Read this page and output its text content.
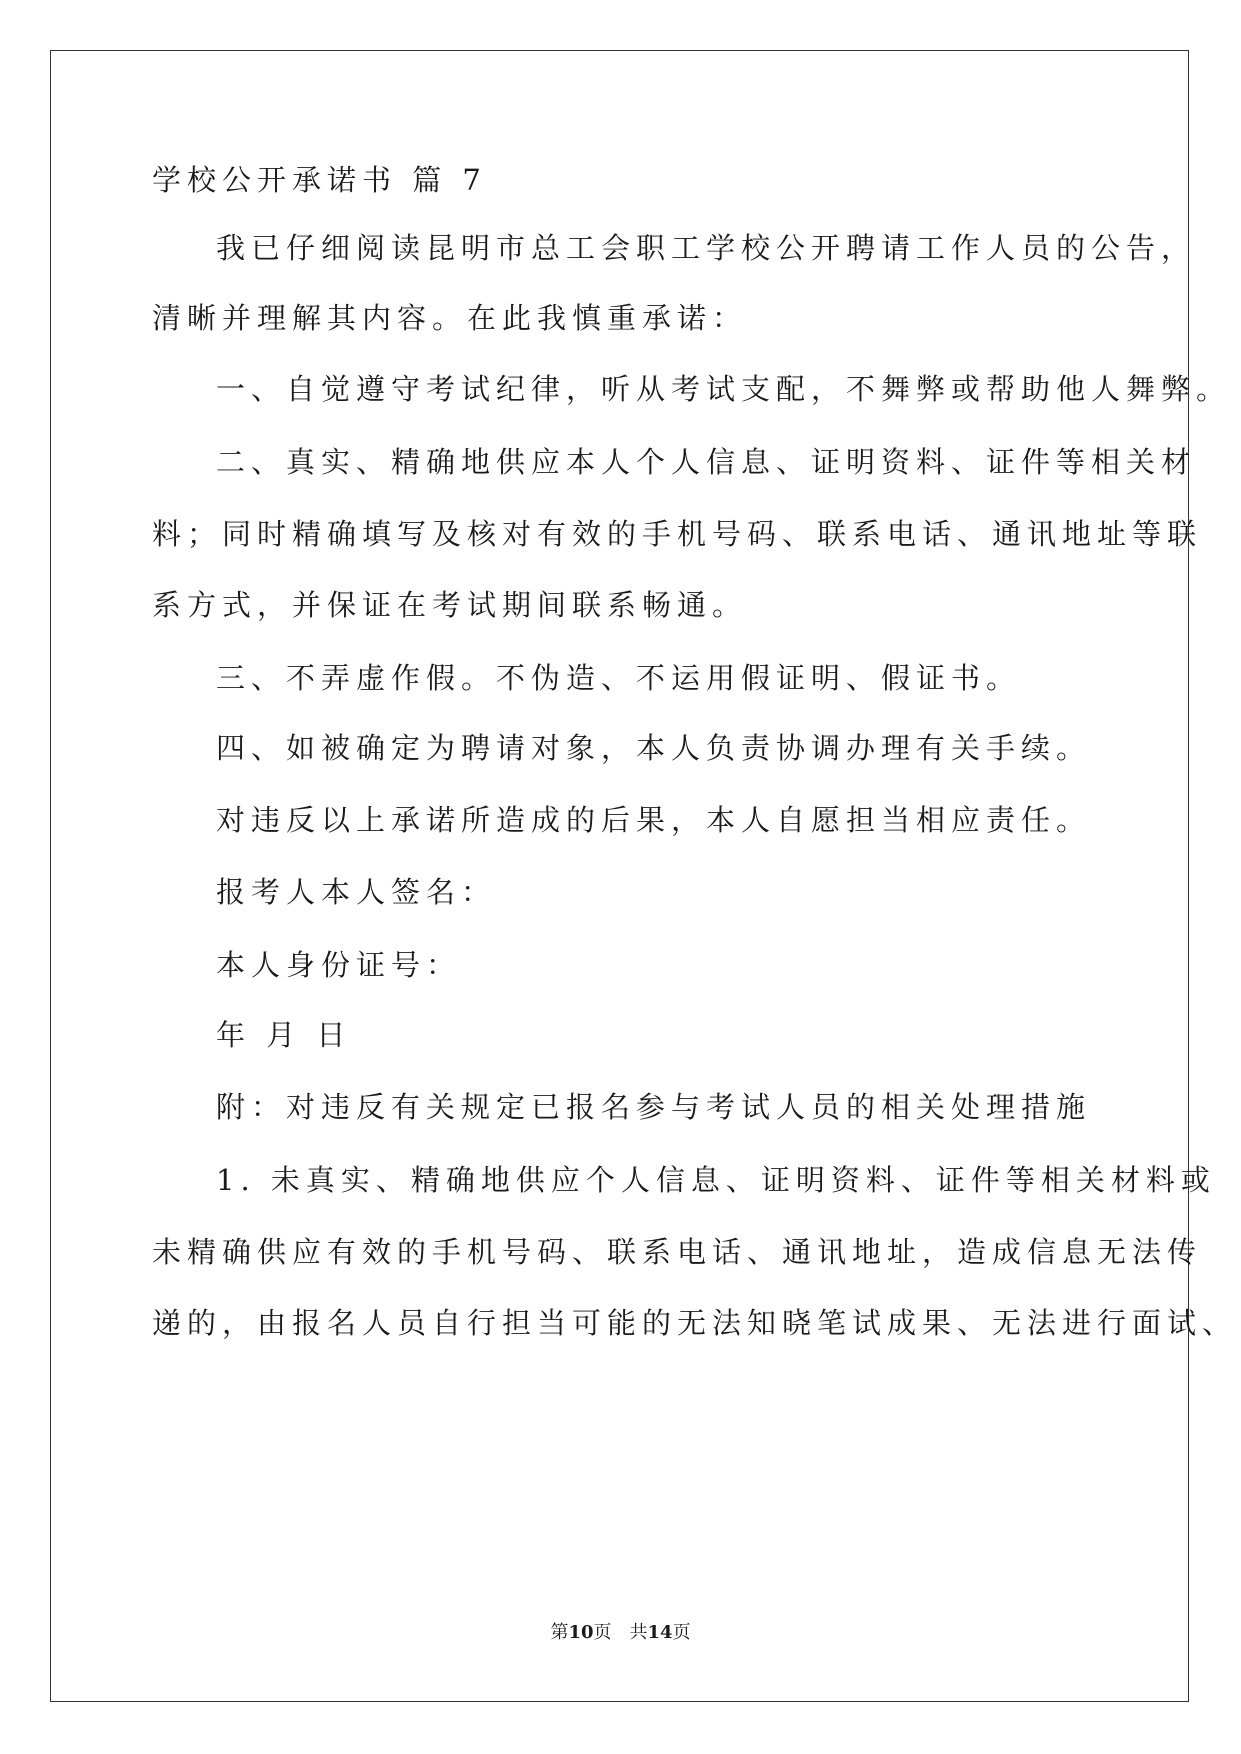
学校公开承诺书 篇 7
我已仔细阅读昆明市总工会职工学校公开聘请工作人员的公告，
清晰并理解其内容。在此我慎重承诺：
一、自觉遵守考试纪律，听从考试支配，不舞弊或帮助他人舞弊。
二、真实、精确地供应本人个人信息、证明资料、证件等相关材
料；同时精确填写及核对有效的手机号码、联系电话、通讯地址等联
系方式，并保证在考试期间联系畅通。
三、不弄虚作假。不伪造、不运用假证明、假证书。
四、如被确定为聘请对象，本人负责协调办理有关手续。
对违反以上承诺所造成的后果，本人自愿担当相应责任。
报考人本人签名：
本人身份证号：
年 月 日
附：对违反有关规定已报名参与考试人员的相关处理措施
1. 未真实、精确地供应个人信息、证明资料、证件等相关材料或
未精确供应有效的手机号码、联系电话、通讯地址，造成信息无法传
递的，由报名人员自行担当可能的无法知晓笔试成果、无法进行面试、
第10页　共14页
